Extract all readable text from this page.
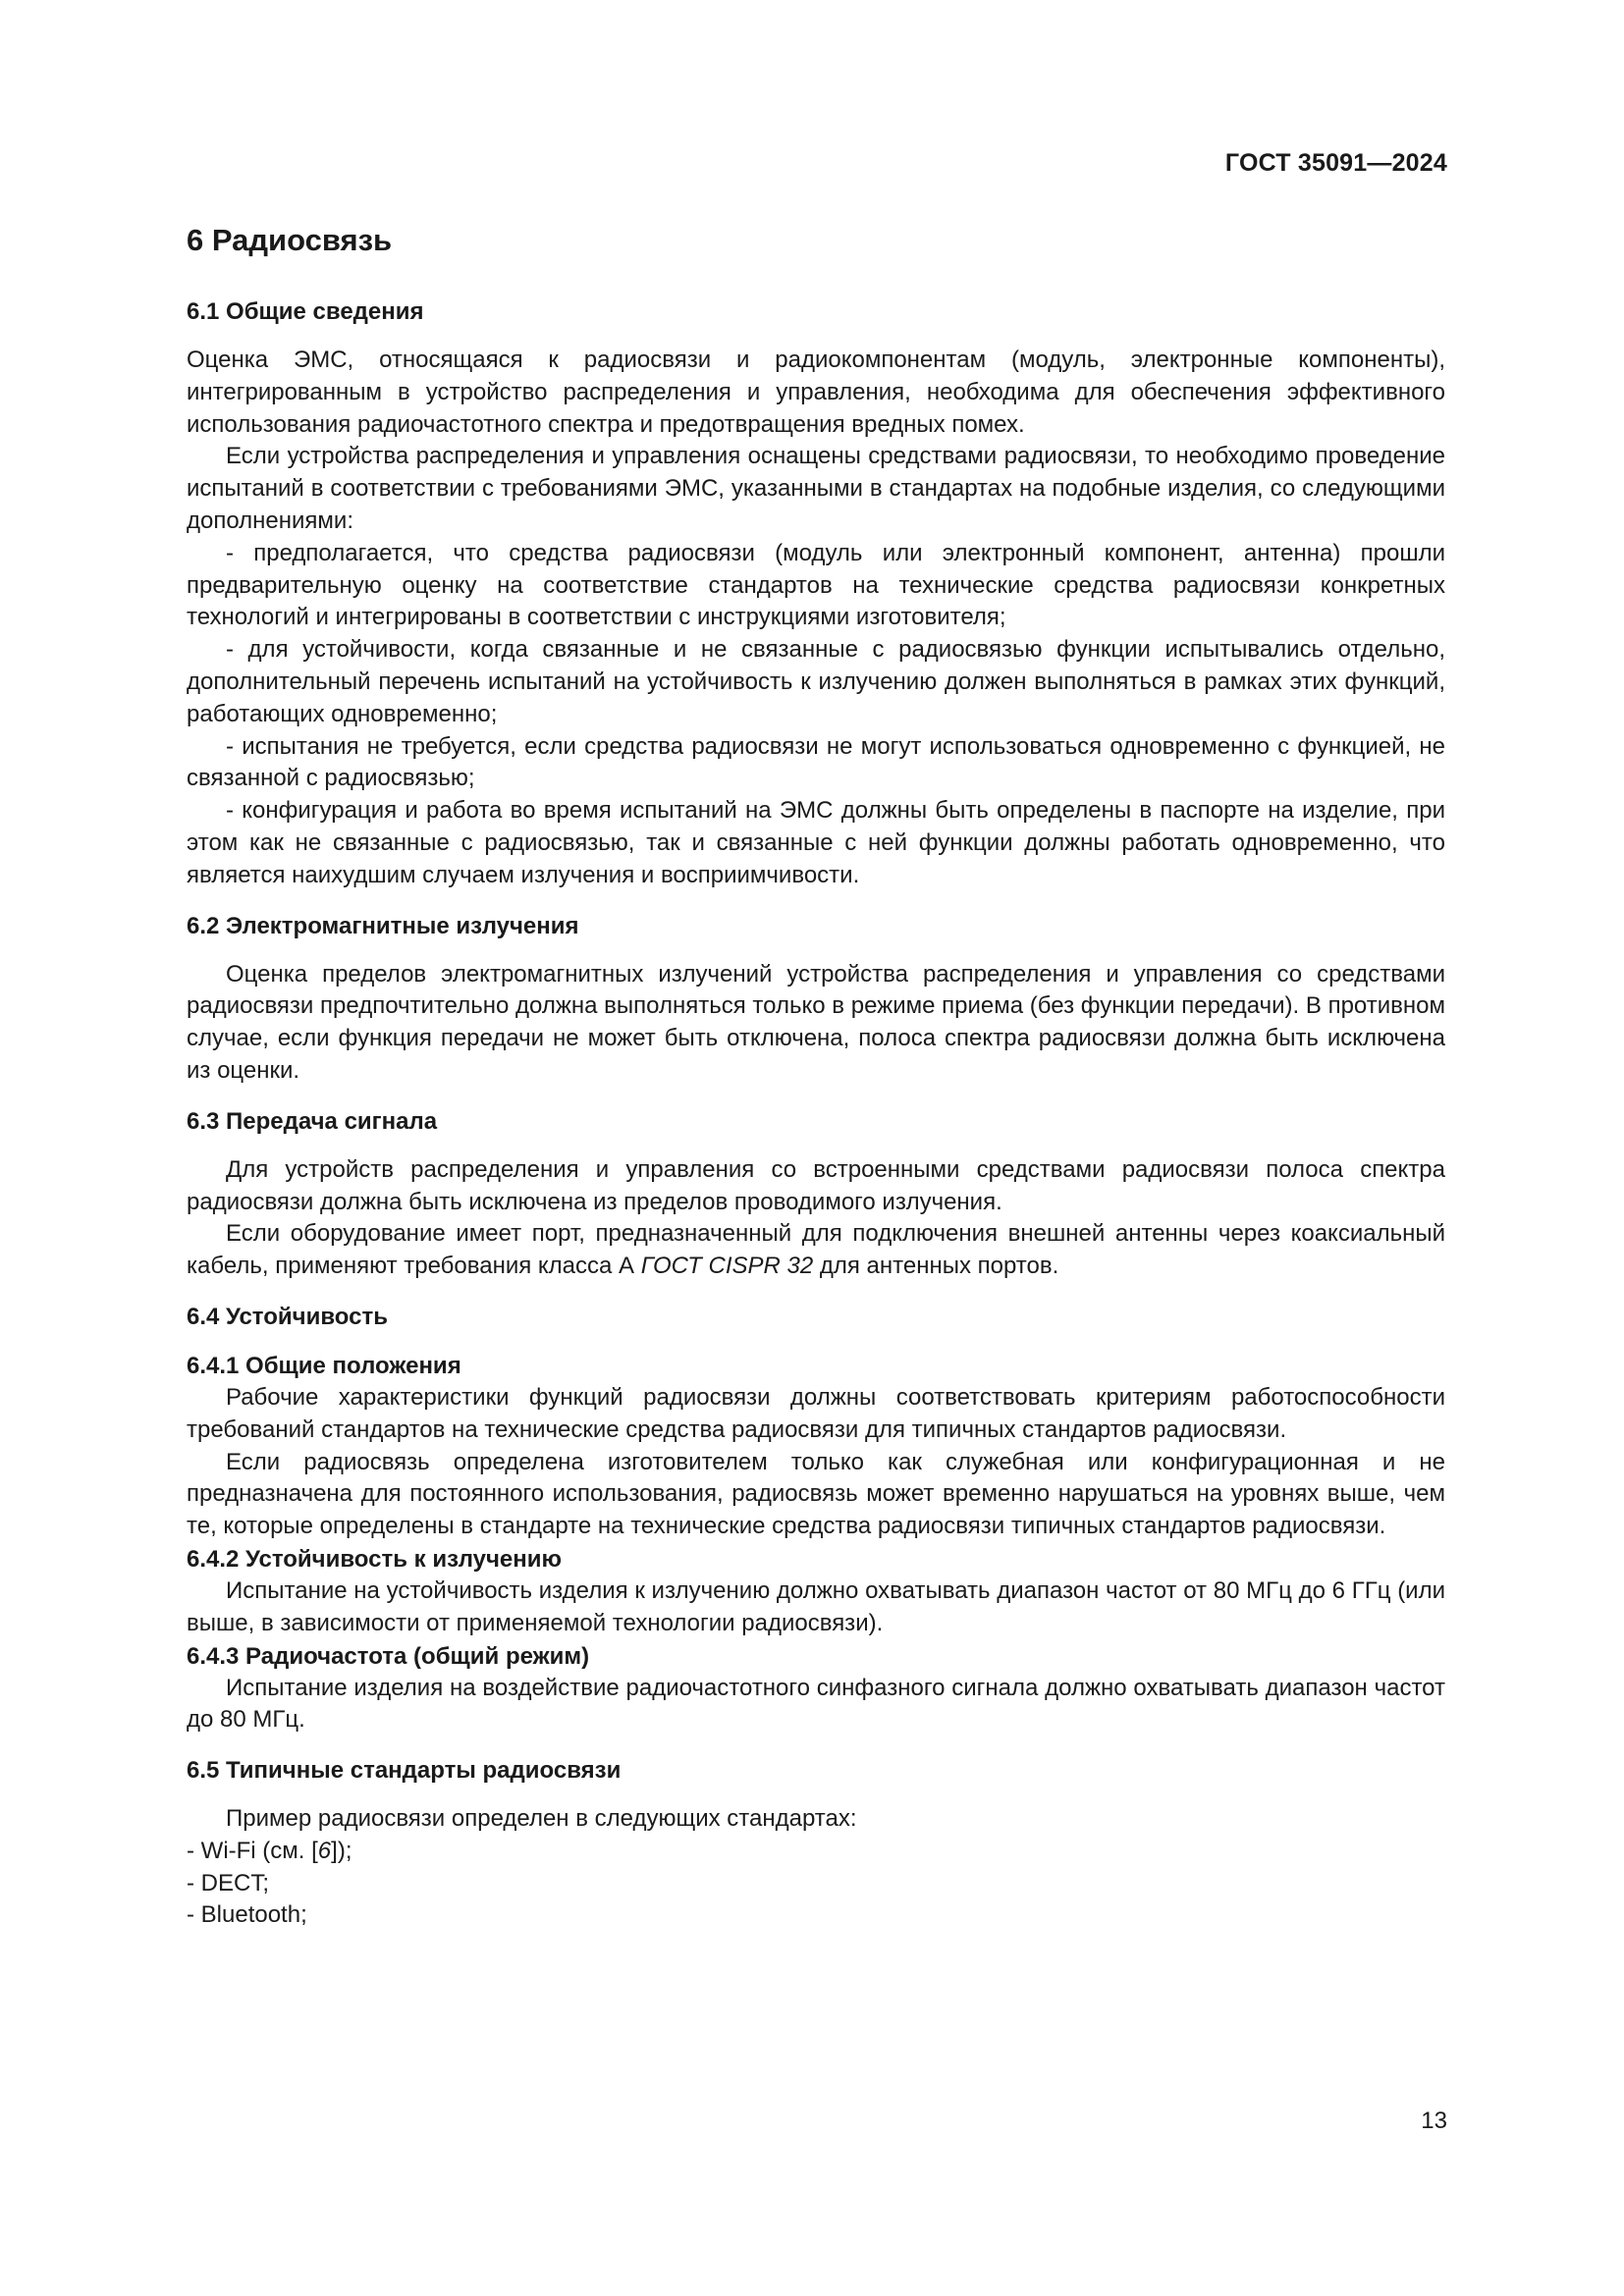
ГОСТ 35091—2024
6 Радиосвязь
6.1 Общие сведения

Оценка ЭМС, относящаяся к радиосвязи и радиокомпонентам (модуль, электронные компоненты), интегрированным в устройство распределения и управления, необходима для обеспечения эффективного использования радиочастотного спектра и предотвращения вредных помех.

Если устройства распределения и управления оснащены средствами радиосвязи, то необходимо проведение испытаний в соответствии с требованиями ЭМС, указанными в стандартах на подобные изделия, со следующими дополнениями:

- предполагается, что средства радиосвязи (модуль или электронный компонент, антенна) прошли предварительную оценку на соответствие стандартов на технические средства радиосвязи конкретных технологий и интегрированы в соответствии с инструкциями изготовителя;

- для устойчивости, когда связанные и не связанные с радиосвязью функции испытывались отдельно, дополнительный перечень испытаний на устойчивость к излучению должен выполняться в рамках этих функций, работающих одновременно;

- испытания не требуется, если средства радиосвязи не могут использоваться одновременно с функцией, не связанной с радиосвязью;

- конфигурация и работа во время испытаний на ЭМС должны быть определены в паспорте на изделие, при этом как не связанные с радиосвязью, так и связанные с ней функции должны работать одновременно, что является наихудшим случаем излучения и восприимчивости.

6.2 Электромагнитные излучения

Оценка пределов электромагнитных излучений устройства распределения и управления со средствами радиосвязи предпочтительно должна выполняться только в режиме приема (без функции передачи). В противном случае, если функция передачи не может быть отключена, полоса спектра радиосвязи должна быть исключена из оценки.

6.3 Передача сигнала

Для устройств распределения и управления со встроенными средствами радиосвязи полоса спектра радиосвязи должна быть исключена из пределов проводимого излучения.

Если оборудование имеет порт, предназначенный для подключения внешней антенны через коаксиальный кабель, применяют требования класса А ГОСТ CISPR 32 для антенных портов.

6.4 Устойчивость
6.4.1 Общие положения

Рабочие характеристики функций радиосвязи должны соответствовать критериям работоспособности требований стандартов на технические средства радиосвязи для типичных стандартов радиосвязи.

Если радиосвязь определена изготовителем только как служебная или конфигурационная и не предназначена для постоянного использования, радиосвязь может временно нарушаться на уровнях выше, чем те, которые определены в стандарте на технические средства радиосвязи типичных стандартов радиосвязи.

6.4.2 Устойчивость к излучению

Испытание на устойчивость изделия к излучению должно охватывать диапазон частот от 80 МГц до 6 ГГц (или выше, в зависимости от применяемой технологии радиосвязи).

6.4.3 Радиочастота (общий режим)

Испытание изделия на воздействие радиочастотного синфазного сигнала должно охватывать диапазон частот до 80 МГц.

6.5 Типичные стандарты радиосвязи

Пример радиосвязи определен в следующих стандартах:

- Wi-Fi (см. [6]);
- DECT;
- Bluetooth;
13
